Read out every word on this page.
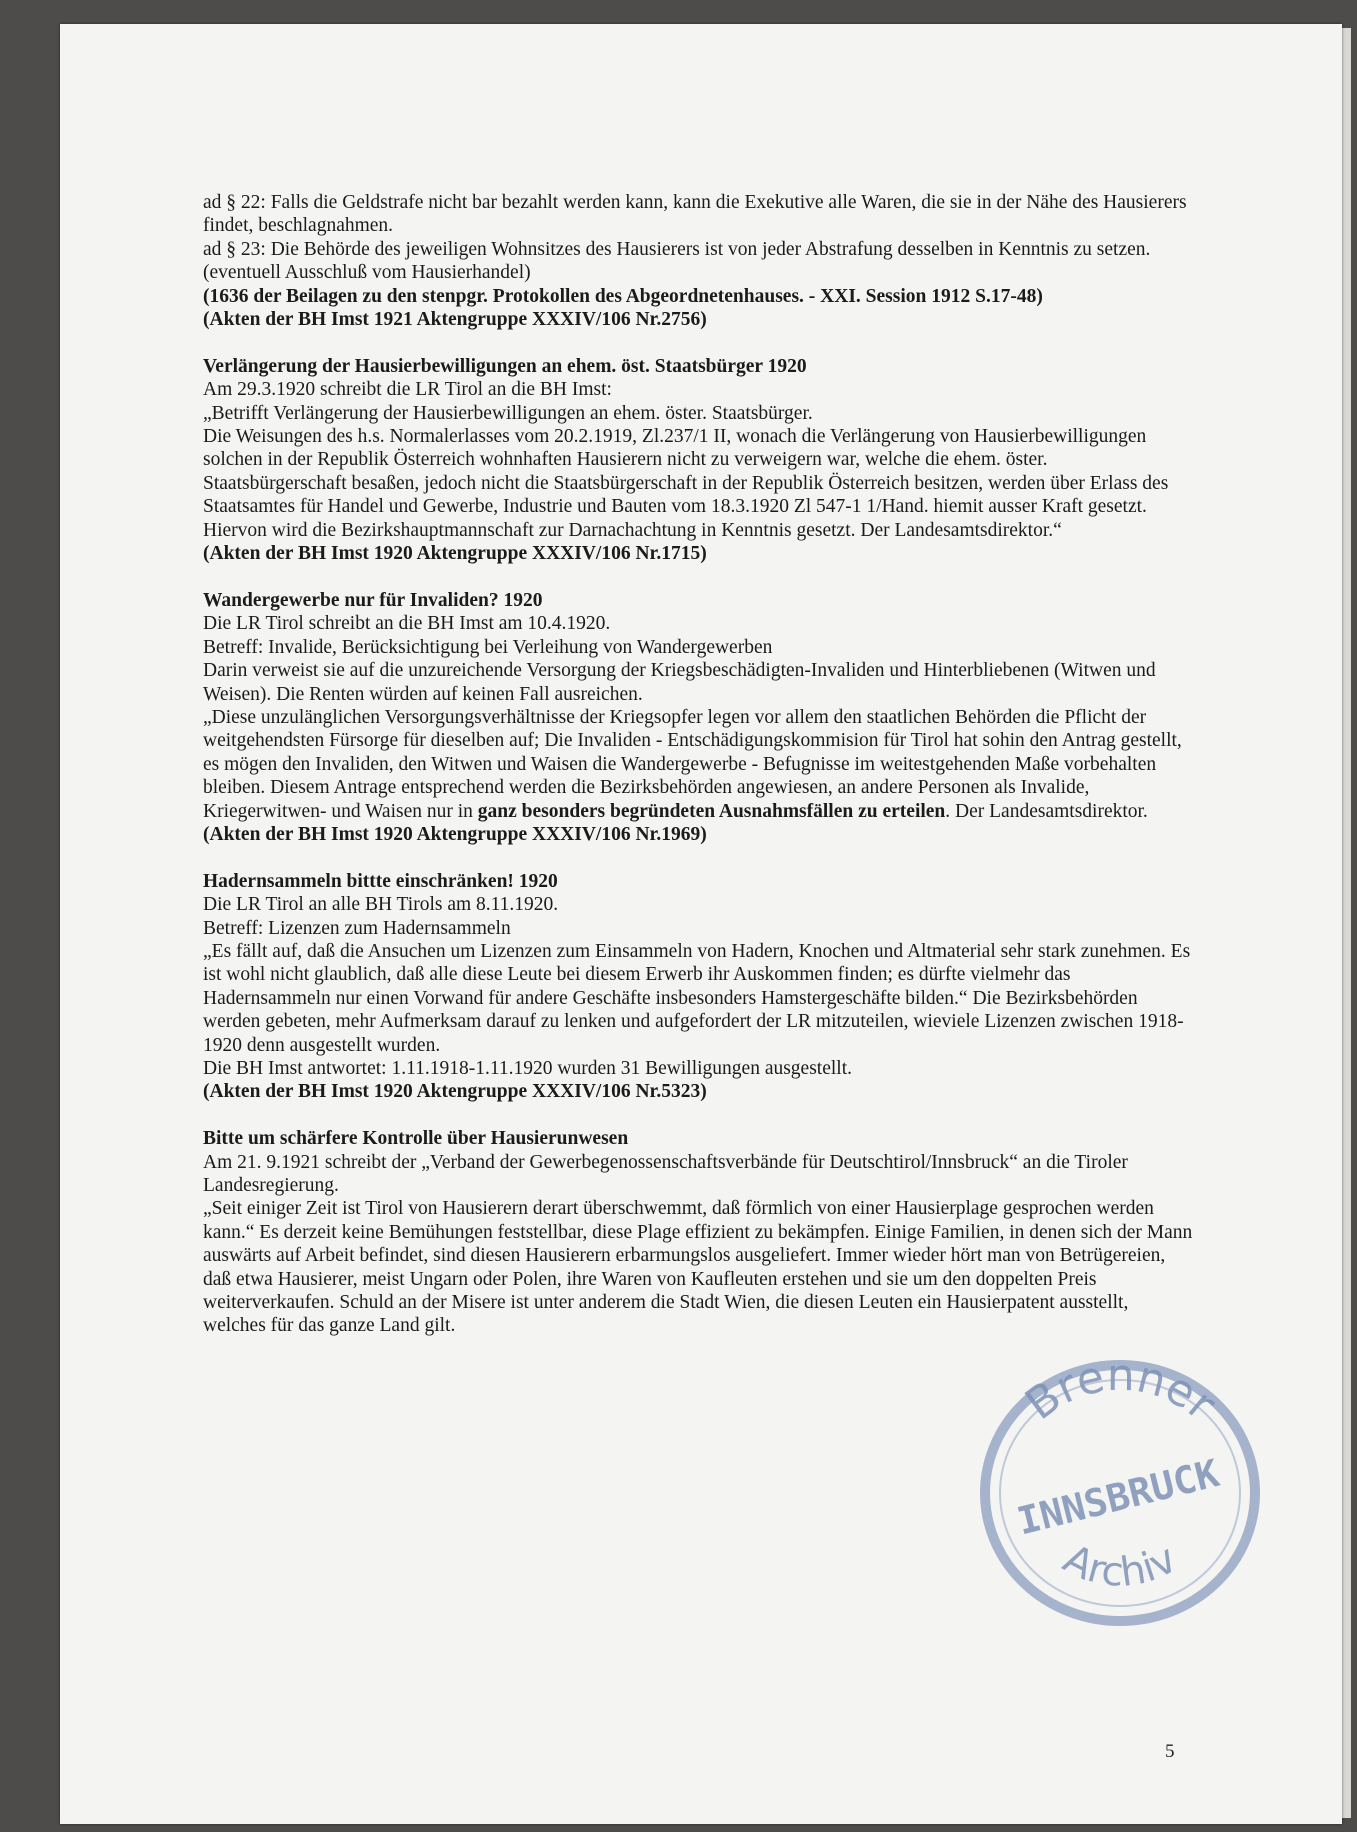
ad § 22: Falls die Geldstrafe nicht bar bezahlt werden kann, kann die Exekutive alle Waren, die sie in der Nähe des Hausierers findet, beschlagnahmen.

ad § 23: Die Behörde des jeweiligen Wohnsitzes des Hausierers ist von jeder Abstrafung desselben in Kenntnis zu setzen. (eventuell Ausschluß vom Hausierhandel)

(1636 der Beilagen zu den stenpgr. Protokollen des Abgeordnetenhauses. - XXI. Session 1912 S.17-48)

(Akten der BH Imst 1921 Aktengruppe XXXIV/106 Nr.2756)

Verlängerung der Hausierbewilligungen an ehem. öst. Staatsbürger 1920

Am 29.3.1920 schreibt die LR Tirol an die BH Imst:

„Betrifft Verlängerung der Hausierbewilligungen an ehem. öster. Staatsbürger.

Die Weisungen des h.s. Normalerlasses vom 20.2.1919, Zl.237/1 II, wonach die Verlängerung von Hausierbewilligungen solchen in der Republik Österreich wohnhaften Hausierern nicht zu verweigern war, welche die ehem. öster. Staatsbürgerschaft besaßen, jedoch nicht die Staatsbürgerschaft in der Republik Österreich besitzen, werden über Erlass des Staatsamtes für Handel und Gewerbe, Industrie und Bauten vom 18.3.1920 Zl 547-1 1/Hand. hiemit ausser Kraft gesetzt. Hiervon wird die Bezirkshauptmannschaft zur Darnachachtung in Kenntnis gesetzt. Der Landesamtsdirektor.“

(Akten der BH Imst 1920 Aktengruppe XXXIV/106 Nr.1715)

Wandergewerbe nur für Invaliden? 1920

Die LR Tirol schreibt an die BH Imst am 10.4.1920.

Betreff: Invalide, Berücksichtigung bei Verleihung von Wandergewerben

Darin verweist sie auf die unzureichende Versorgung der Kriegsbeschädigten-Invaliden und Hinterbliebenen (Witwen und Weisen). Die Renten würden auf keinen Fall ausreichen.

„Diese unzulänglichen Versorgungsverhältnisse der Kriegsopfer legen vor allem den staatlichen Behörden die Pflicht der weitgehendsten Fürsorge für dieselben auf; Die Invaliden - Entschädigungskommision für Tirol hat sohin den Antrag gestellt, es mögen den Invaliden, den Witwen und Waisen die Wandergewerbe - Befugnisse im weitestgehenden Maße vorbehalten bleiben. Diesem Antrage entsprechend werden die Bezirksbehörden angewiesen, an andere Personen als Invalide, Kriegerwitwen- und Waisen nur in ganz besonders begründeten Ausnahmsfällen zu erteilen. Der Landesamtsdirektor.

(Akten der BH Imst 1920 Aktengruppe XXXIV/106 Nr.1969)

Hadernsammeln bittte einschränken! 1920

Die LR Tirol an alle BH Tirols am 8.11.1920.

Betreff: Lizenzen zum Hadernsammeln

„Es fällt auf, daß die Ansuchen um Lizenzen zum Einsammeln von Hadern, Knochen und Altmaterial sehr stark zunehmen. Es ist wohl nicht glaublich, daß alle diese Leute bei diesem Erwerb ihr Auskommen finden; es dürfte vielmehr das Hadernsammeln nur einen Vorwand für andere Geschäfte insbesonders Hamstergeschäfte bilden.“ Die Bezirksbehörden werden gebeten, mehr Aufmerksam darauf zu lenken und aufgefordert der LR mitzuteilen, wieviele Lizenzen zwischen 1918-1920 denn ausgestellt wurden.

Die BH Imst antwortet: 1.11.1918-1.11.1920 wurden 31 Bewilligungen ausgestellt.

(Akten der BH Imst 1920 Aktengruppe XXXIV/106 Nr.5323)

Bitte um schärfere Kontrolle über Hausierunwesen

Am 21. 9.1921 schreibt der „Verband der Gewerbegenossenschaftsverbände für Deutschtirol/Innsbruck“ an die Tiroler Landesregierung.

„Seit einiger Zeit ist Tirol von Hausierern derart überschwemmt, daß förmlich von einer Hausierplage gesprochen werden kann.“ Es derzeit keine Bemühungen feststellbar, diese Plage effizient zu bekämpfen. Einige Familien, in denen sich der Mann auswärts auf Arbeit befindet, sind diesen Hausierern erbarmungslos ausgeliefert. Immer wieder hört man von Betrügereien, daß etwa Hausierer, meist Ungarn oder Polen, ihre Waren von Kaufleuten erstehen und sie um den doppelten Preis weiterverkaufen. Schuld an der Misere ist unter anderem die Stadt Wien, die diesen Leuten ein Hausierpatent ausstellt, welches für das ganze Land gilt.

5
Brenner
INNSBRUCK
Archiv
